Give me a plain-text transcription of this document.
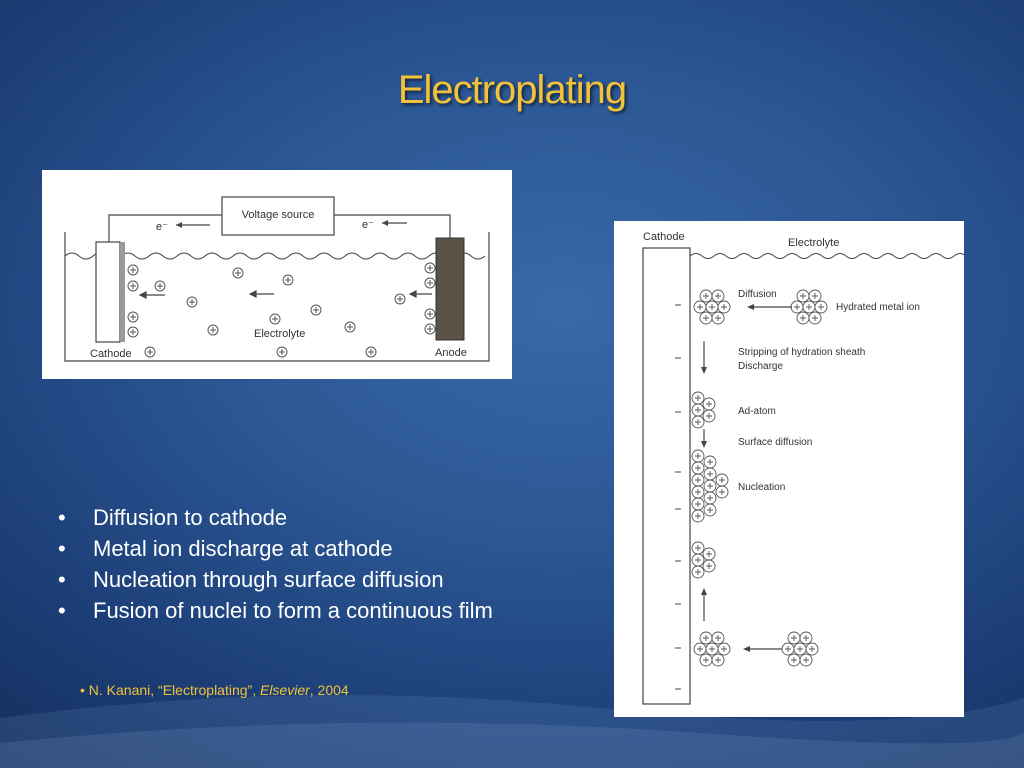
Electroplating
Voltage source
e⁻	e⁻
Cathode	Anode
Electrolyte
Cathode	Electrolyte
Diffusion
Hydrated metal ion
Stripping of hydration sheath
Discharge
Ad-atom
Surface diffusion
Nucleation
• Diffusion to cathode
• Metal ion discharge at cathode
• Nucleation through surface diffusion
• Fusion of nuclei to form a continuous film
• N. Kanani, “Electroplating”, Elsevier, 2004
